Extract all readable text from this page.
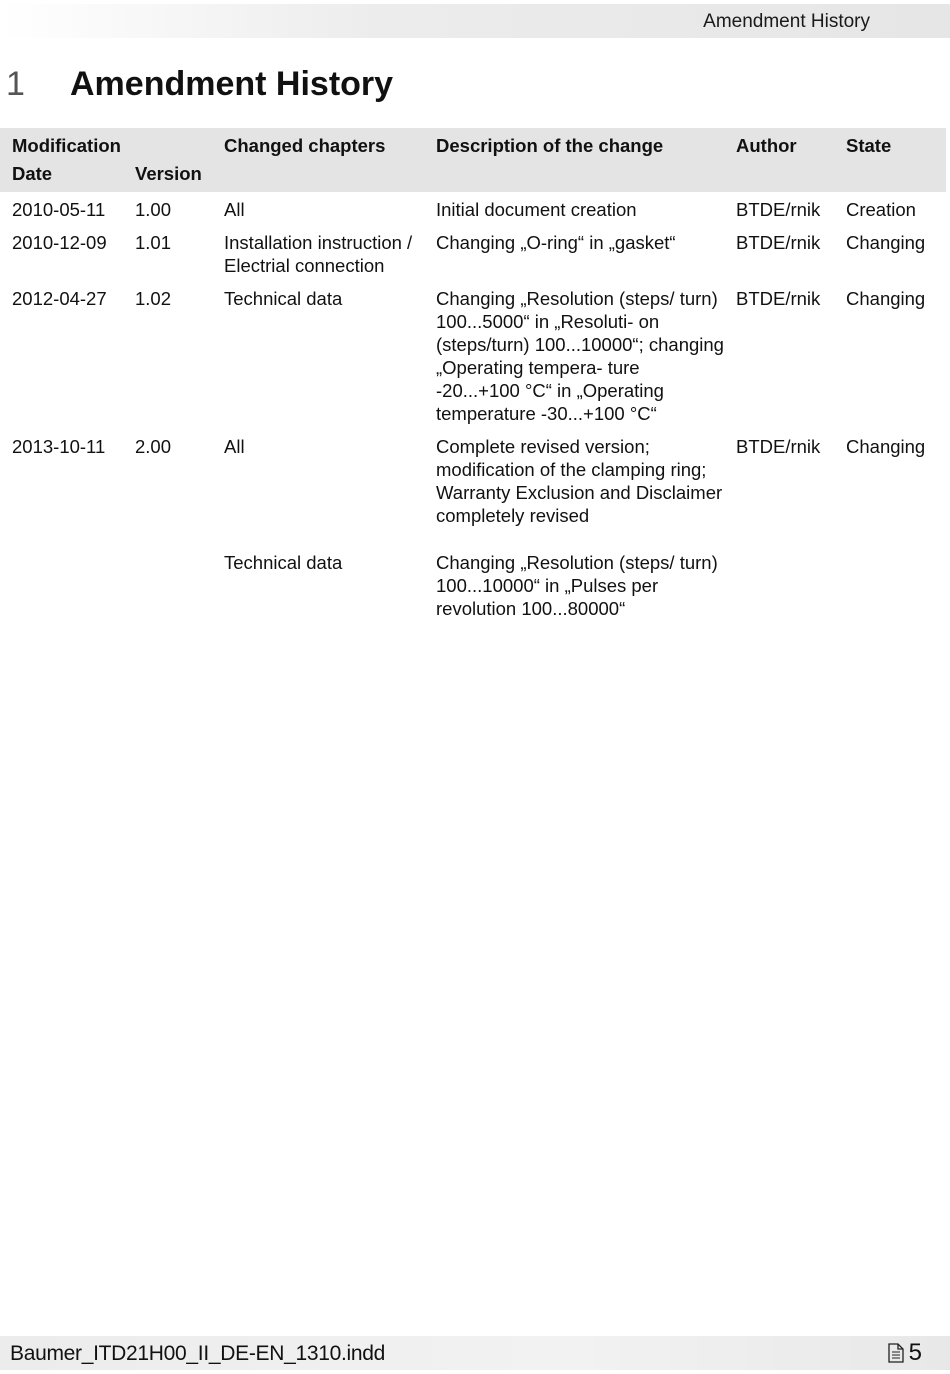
Amendment History
1	Amendment History
Modification		Changed chapters	Description of the change	Author	State
Date	Version				
2010-05-11	1.00	All	Initial document creation	BTDE/rnik	Creation
2010-12-09	1.01	Installation instruction / Electrial connection	Changing „O-ring“ in „gasket“	BTDE/rnik	Changing
2012-04-27	1.02	Technical data	Changing „Resolution (steps/ turn) 100...5000“ in „Resoluti- on (steps/turn) 100...10000“; changing „Operating tempera- ture -20...+100 °C“ in „Operating temperature -30...+100 °C“	BTDE/rnik	Changing
2013-10-11	2.00	All	Complete revised version; modification of the clamping ring; Warranty Exclusion and Disclaimer completely revised	BTDE/rnik	Changing

		Technical data	Changing „Resolution (steps/ turn) 100...10000“ in „Pulses per revolution 100...80000“		
Baumer_ITD21H00_II_DE-EN_1310.indd	5
